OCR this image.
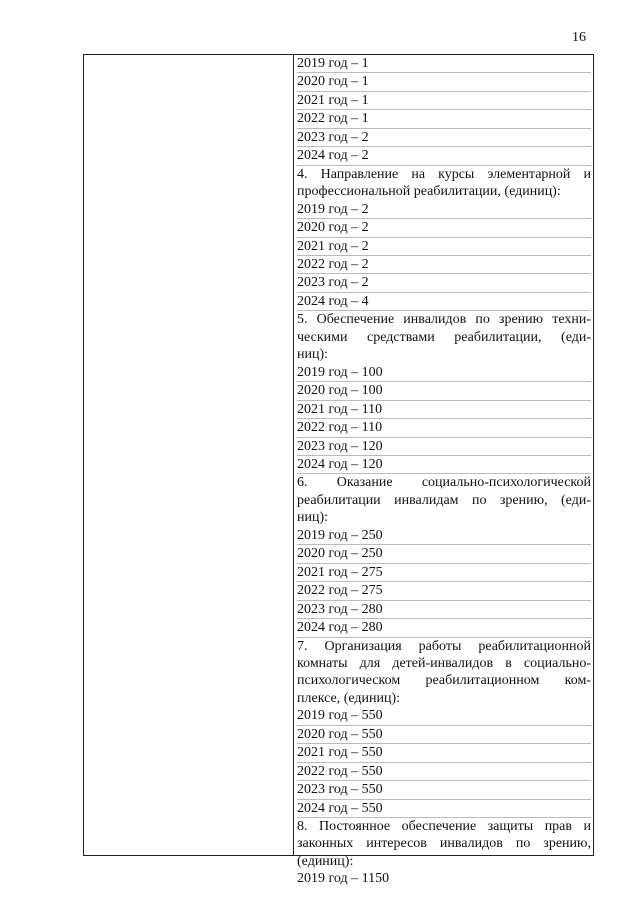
16
2019 год – 1
2020 год – 1
2021 год – 1
2022 год – 1
2023 год – 2
2024 год – 2
4. Направление на курсы элементарной и
профессиональной реабилитации, (единиц):
2019 год – 2
2020 год – 2
2021 год – 2
2022 год – 2
2023 год – 2
2024 год – 4
5. Обеспечение инвалидов по зрению техни-
ческими средствами реабилитации, (еди-
ниц):
2019 год – 100
2020 год – 100
2021 год – 110
2022 год – 110
2023 год – 120
2024 год – 120
6. Оказание социально-психологической
реабилитации инвалидам по зрению, (еди-
ниц):
2019 год – 250
2020 год – 250
2021 год – 275
2022 год – 275
2023 год – 280
2024 год – 280
7. Организация работы реабилитационной
комнаты для детей-инвалидов в социально-
психологическом реабилитационном ком-
плексе, (единиц):
2019 год – 550
2020 год – 550
2021 год – 550
2022 год – 550
2023 год – 550
2024 год – 550
8. Постоянное обеспечение защиты прав и
законных интересов инвалидов по зрению,
(единиц):
2019 год – 1150
